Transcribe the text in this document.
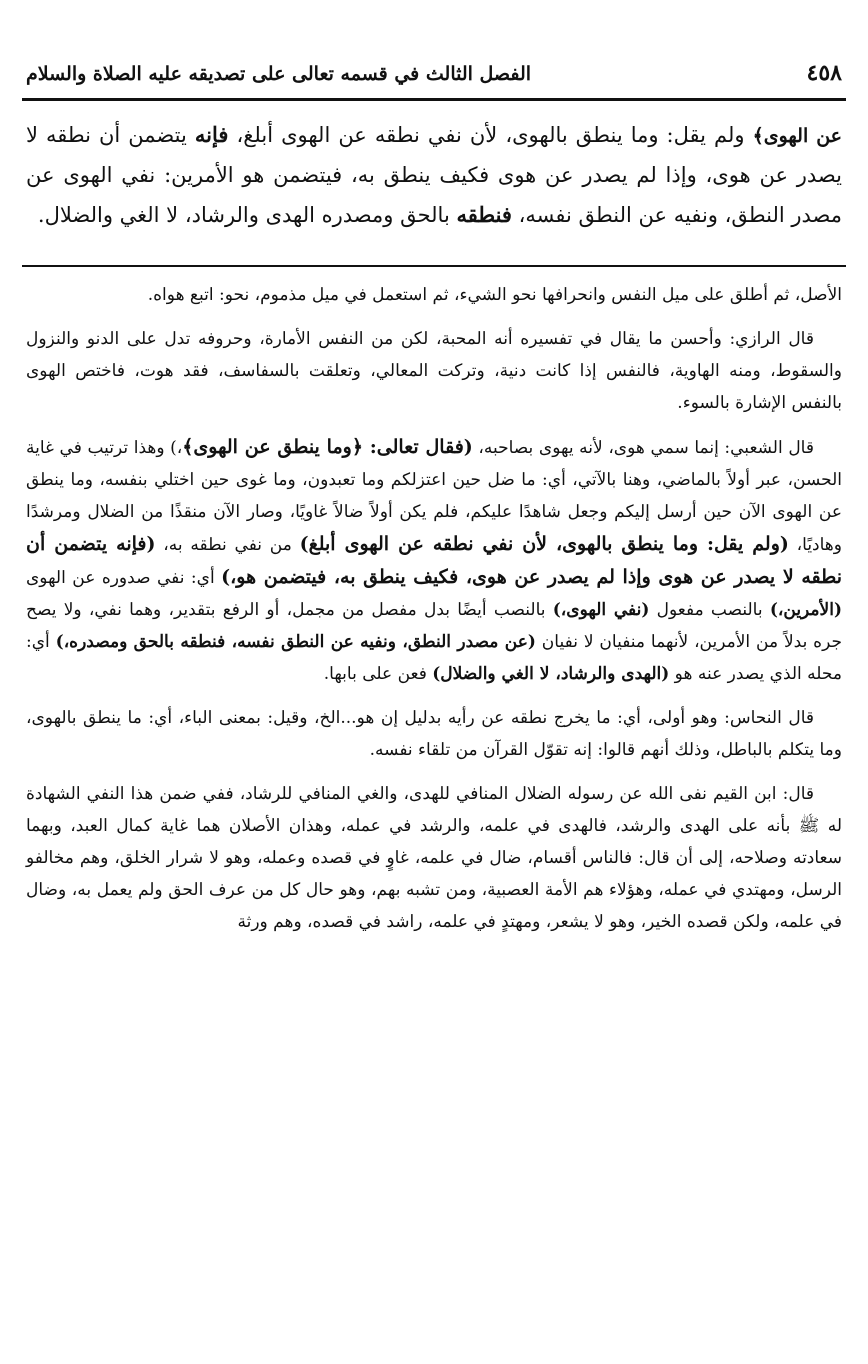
٤٥٨
الفصل الثالث في قسمه تعالى على تصديقه عليه الصلاة والسلام
عن الهوى﴾ ولم يقل: وما ينطق بالهوى، لأن نفي نطقه عن الهوى أبلغ، فإنه يتضمن أن نطقه لا يصدر عن هوى، وإذا لم يصدر عن هوى فكيف ينطق به، فيتضمن هو الأمرين: نفي الهوى عن مصدر النطق، ونفيه عن النطق نفسه، فنطقه بالحق ومصدره الهدى والرشاد، لا الغي والضلال.

الأصل، ثم أطلق على ميل النفس وانحرافها نحو الشيء، ثم استعمل في ميل مذموم، نحو: اتبع هواه.

قال الرازي: وأحسن ما يقال في تفسيره أنه المحبة، لكن من النفس الأمارة، وحروفه تدل على الدنو والنزول والسقوط، ومنه الهاوية، فالنفس إذا كانت دنية، وتركت المعالي، وتعلقت بالسفاسف، فقد هوت، فاختص الهوى بالنفس الإشارة بالسوء.

قال الشعبي: إنما سمي هوى، لأنه يهوى بصاحبه، (فقال تعالى: ﴿وما ينطق عن الهوى﴾،) وهذا ترتيب في غاية الحسن، عبر أولاً بالماضي، وهنا بالآتي، أي: ما ضل حين اعتزلكم وما تعبدون، وما غوى حين اختلي بنفسه، وما ينطق عن الهوى الآن حين أرسل إليكم وجعل شاهدًا عليكم، فلم يكن أولاً ضالاً غاويًا، وصار الآن منقذًا من الضلال ومرشدًا وهاديًا، (ولم يقل: وما ينطق بالهوى، لأن نفي نطقه عن الهوى أبلغ) من نفي نطقه به، (فإنه يتضمن أن نطقه لا يصدر عن هوى وإذا لم يصدر عن هوى، فكيف ينطق به، فيتضمن هو،) أي: نفي صدوره عن الهوى (الأمرين،) بالنصب مفعول (نفي الهوى،) بالنصب أيضًا بدل مفصل من مجمل، أو الرفع بتقدير، وهما نفي، ولا يصح جره بدلاً من الأمرين، لأنهما منفيان لا نفيان (عن مصدر النطق، ونفيه عن النطق نفسه، فنطقه بالحق ومصدره،) أي: محله الذي يصدر عنه هو (الهدى والرشاد، لا الغي والضلال) فعن على بابها.

قال النحاس: وهو أولى، أي: ما يخرج نطقه عن رأيه بدليل إن هو...الخ، وقيل: بمعنى الباء، أي: ما ينطق بالهوى، وما يتكلم بالباطل، وذلك أنهم قالوا: إنه تقوّل القرآن من تلقاء نفسه.

قال: ابن القيم نفى الله عن رسوله الضلال المنافي للهدى، والغي المنافي للرشاد، ففي ضمن هذا النفي الشهادة له ﷺ بأنه على الهدى والرشد، فالهدى في علمه، والرشد في عمله، وهذان الأصلان هما غاية كمال العبد، وبهما سعادته وصلاحه، إلى أن قال: فالناس أقسام، ضال في علمه، غاوٍ في قصده وعمله، وهو لا شرار الخلق، وهم مخالفو الرسل، ومهتدي في عمله، وهؤلاء هم الأمة العصبية، ومن تشبه بهم، وهو حال كل من عرف الحق ولم يعمل به، وضال في علمه، ولكن قصده الخير، وهو لا يشعر، ومهتدٍ في علمه، راشد في قصده، وهم ورثة
